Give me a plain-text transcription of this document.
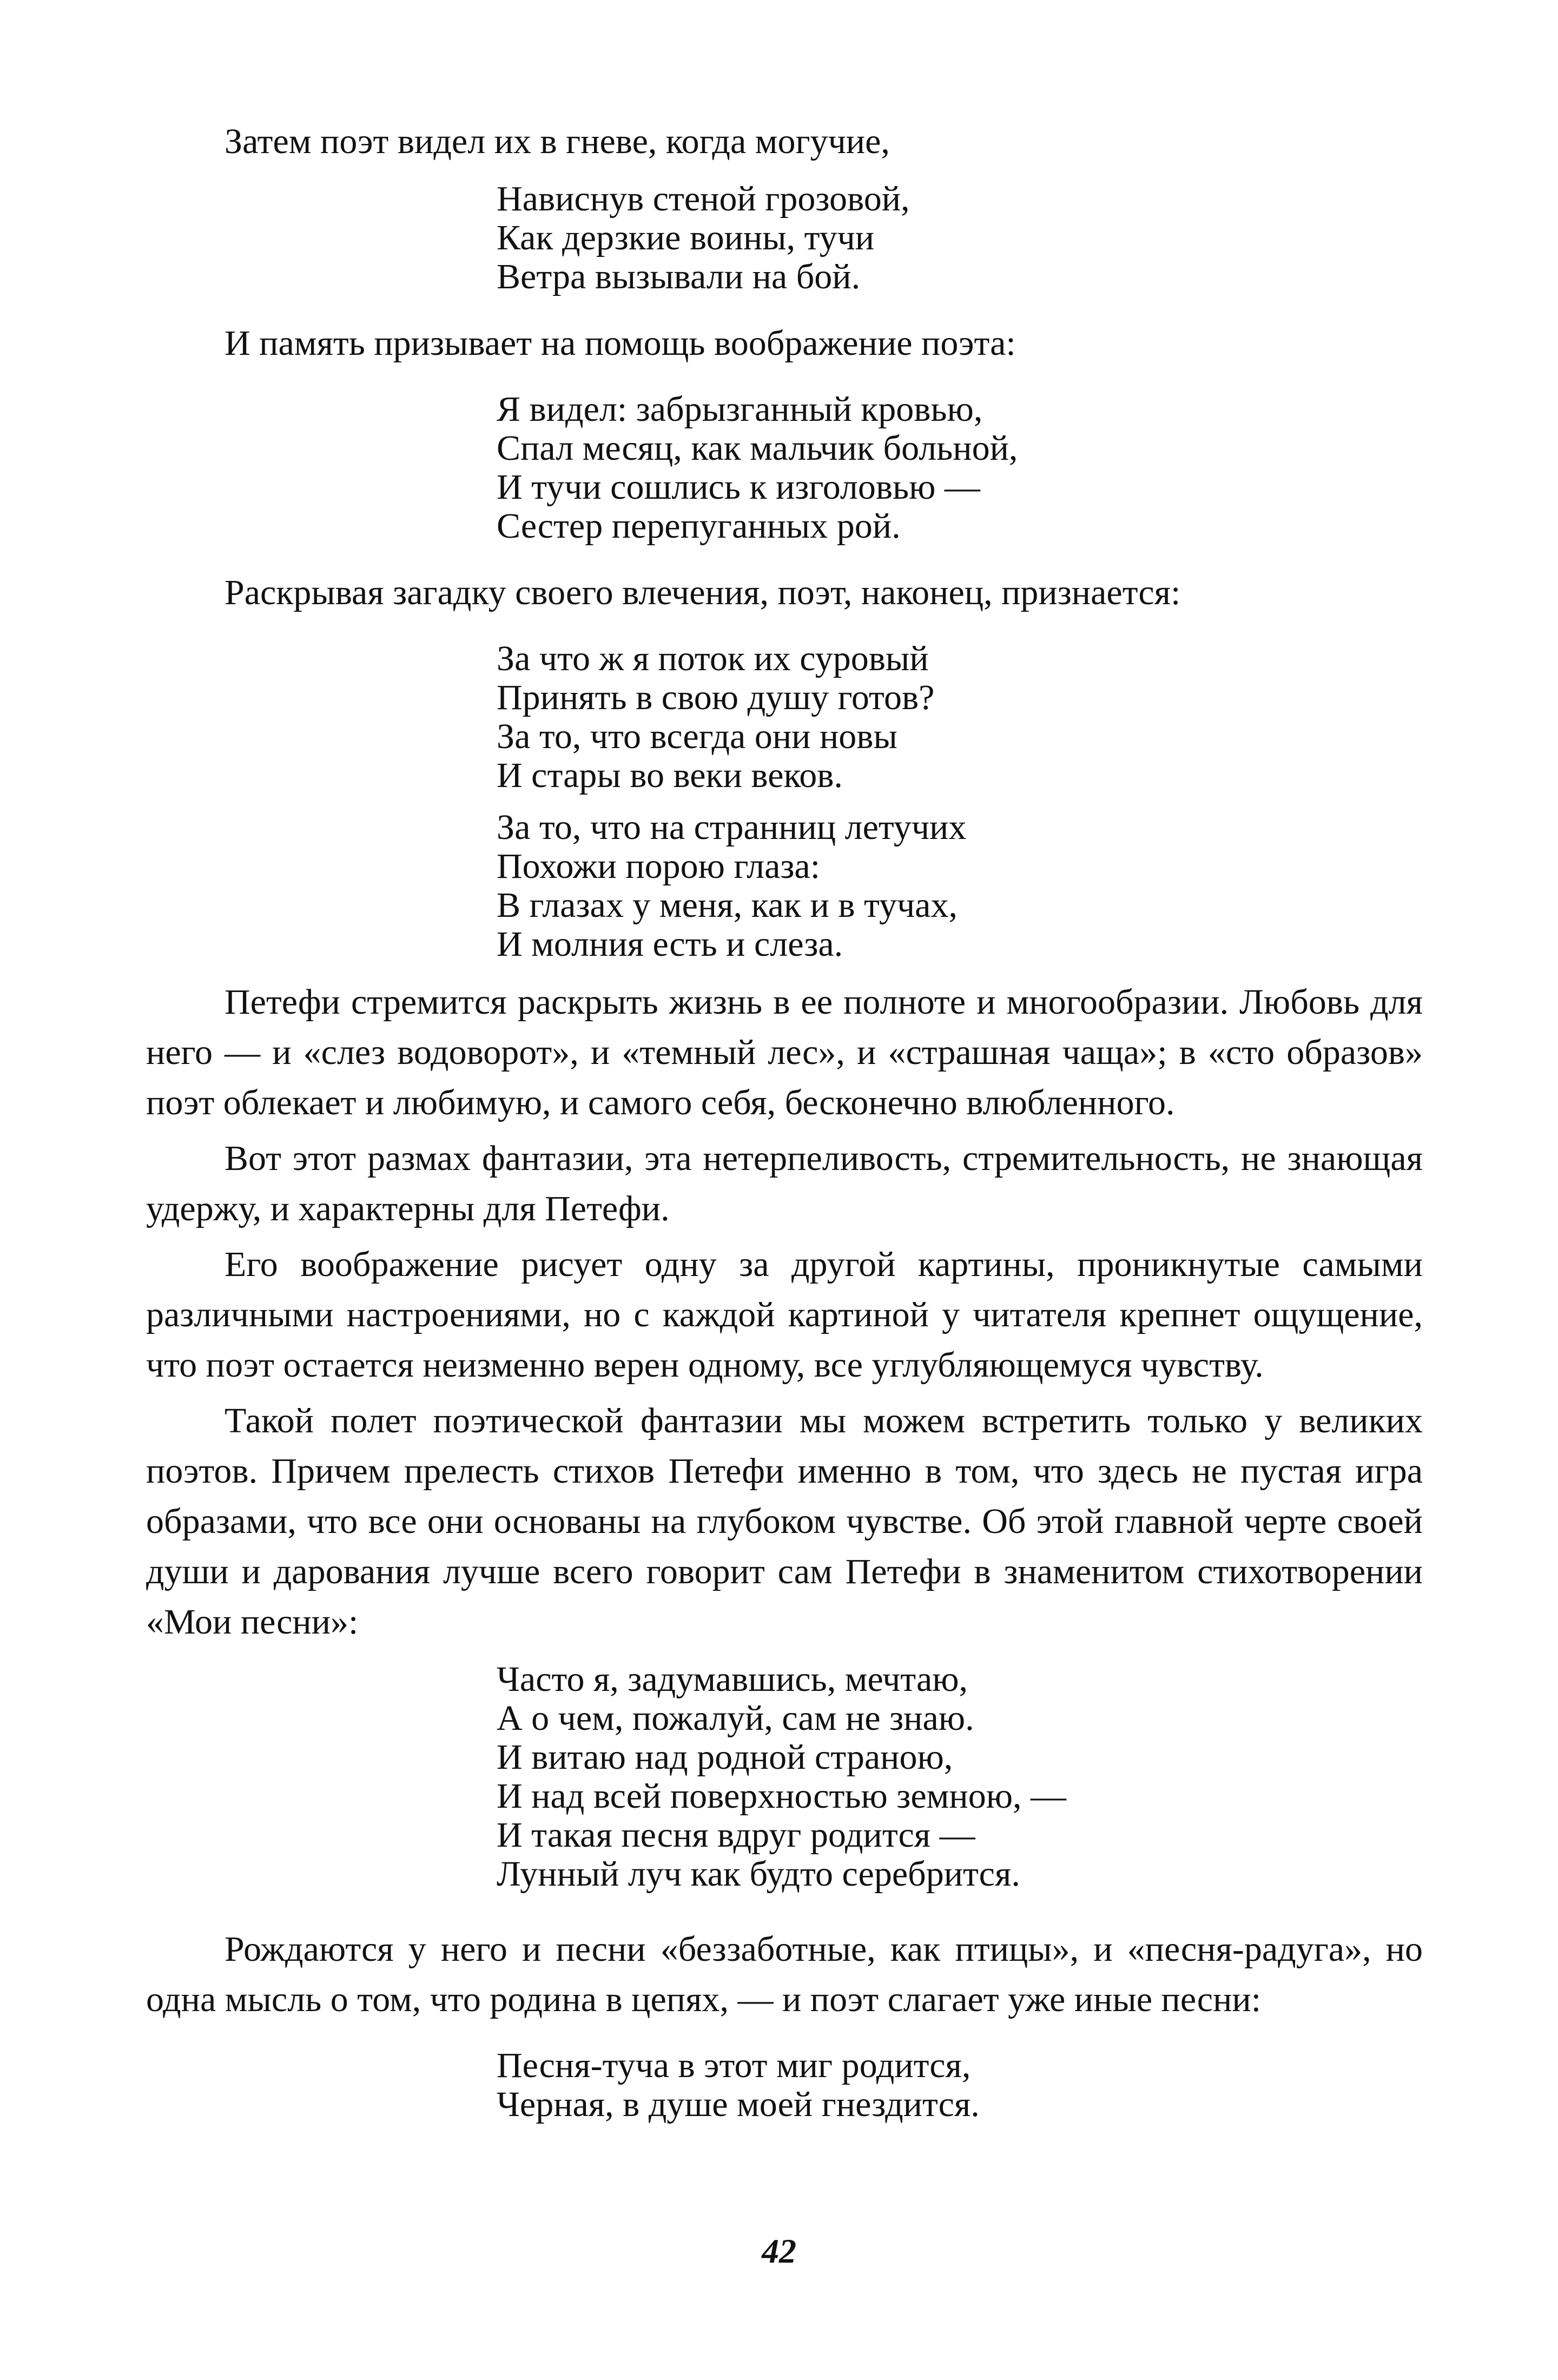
Затем поэт видел их в гневе, когда могучие,

Нависнув стеной грозовой,
Как дерзкие воины, тучи
Ветра вызывали на бой.

И память призывает на помощь воображение поэта:

Я видел: забрызганный кровью,
Спал месяц, как мальчик больной,
И тучи сошлись к изголовью —
Сестер перепуганных рой.

Раскрывая загадку своего влечения, поэт, наконец, признается:

За что ж я поток их суровый
Принять в свою душу готов?
За то, что всегда они новы
И стары во веки веков.
За то, что на странниц летучих
Похожи порою глаза:
В глазах у меня, как и в тучах,
И молния есть и слеза.

Петефи стремится раскрыть жизнь в ее полноте и многообразии. Любовь для него — и «слез водоворот», и «темный лес», и «страшная чаща»; в «сто образов» поэт облекает и любимую, и самого себя, бесконечно влюбленного.

Вот этот размах фантазии, эта нетерпеливость, стремительность, не знающая удержу, и характерны для Петефи.

Его воображение рисует одну за другой картины, проникнутые самыми различными настроениями, но с каждой картиной у читателя крепнет ощущение, что поэт остается неизменно верен одному, все углубляющемуся чувству.

Такой полет поэтической фантазии мы можем встретить только у великих поэтов. Причем прелесть стихов Петефи именно в том, что здесь не пустая игра образами, что все они основаны на глубоком чувстве. Об этой главной черте своей души и дарования лучше всего говорит сам Петефи в знаменитом стихотворении «Мои песни»:

Часто я, задумавшись, мечтаю,
А о чем, пожалуй, сам не знаю.
И витаю над родной страною,
И над всей поверхностью земною, —
И такая песня вдруг родится —
Лунный луч как будто серебрится.

Рождаются у него и песни «беззаботные, как птицы», и «песня-радуга», но одна мысль о том, что родина в цепях, — и поэт слагает уже иные песни:

Песня-туча в этот миг родится,
Черная, в душе моей гнездится.
42
